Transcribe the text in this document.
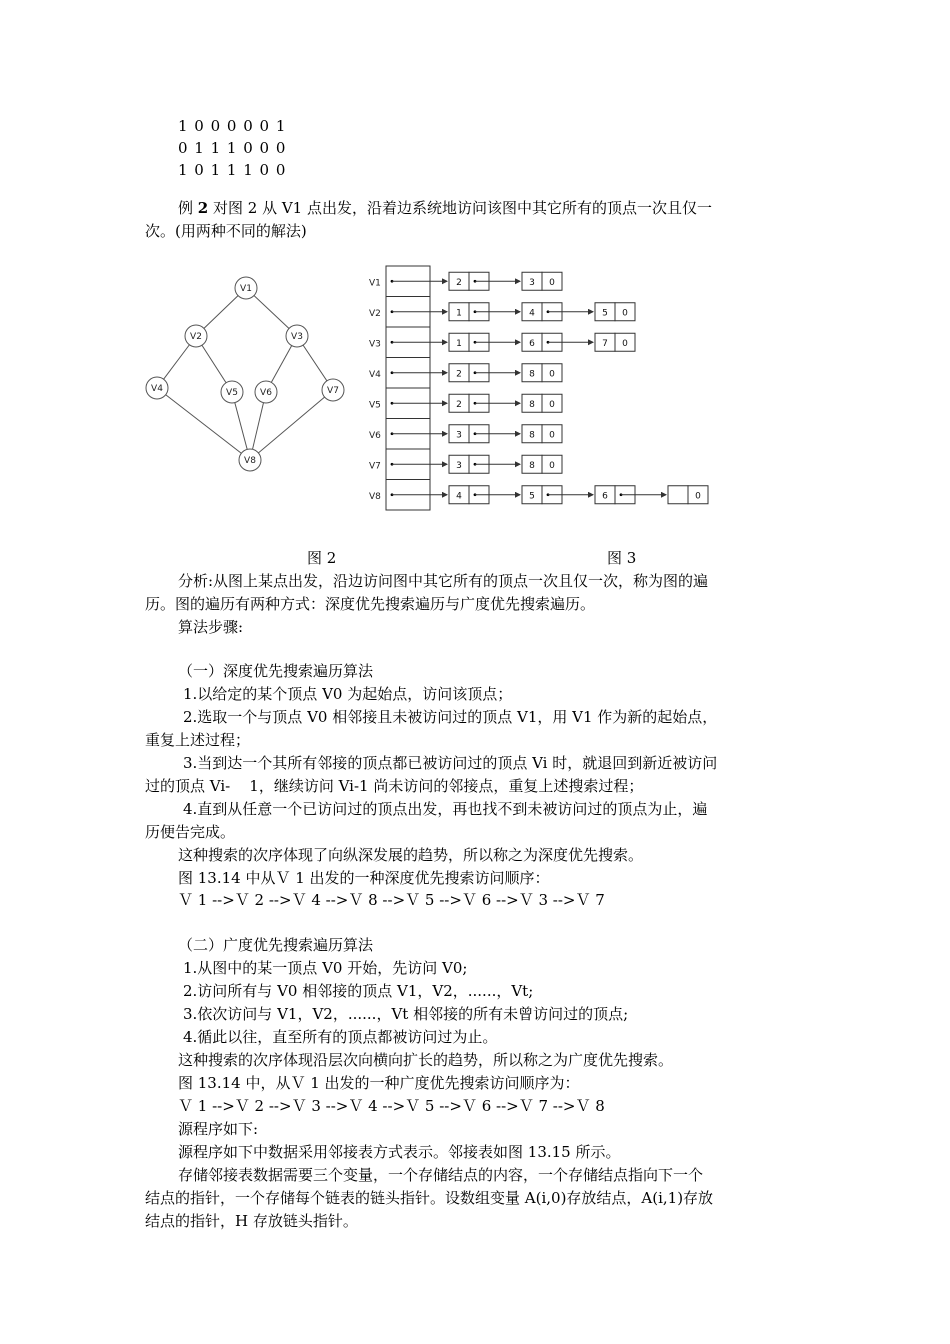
1 0 0 0 0 0 1
0 1 1 1 0 0 0
1 0 1 1 1 0 0
例 2 对图 2 从 V1 点出发，沿着边系统地访问该图中其它所有的顶点一次且仅一
次。(用两种不同的解法)
V1
V2	V3
V4	V5 V6	V7
V8
V1	2	3 0
V2	1	4	5 0
V3	1	6	7 0
V4	2	8 0
V5	2	8 0
V6	3	8 0
V7	3	8 0
V8	4	5	6	0
图 2	图 3
分析:从图上某点出发，沿边访问图中其它所有的顶点一次且仅一次，称为图的遍
历。图的遍历有两种方式：深度优先搜索遍历与广度优先搜索遍历。
算法步骤:
（一）深度优先搜索遍历算法
1.以给定的某个顶点 V0 为起始点，访问该顶点；
2.选取一个与顶点 V0 相邻接且未被访问过的顶点 V1，用 V1 作为新的起始点，
重复上述过程；
3.当到达一个其所有邻接的顶点都已被访问过的顶点 Vi 时，就退回到新近被访问
过的顶点 Vi-    1，继续访问 Vi-1 尚未访问的邻接点，重复上述搜索过程；
4.直到从任意一个已访问过的顶点出发，再也找不到未被访问过的顶点为止，遍
历便告完成。
这种搜索的次序体现了向纵深发展的趋势，所以称之为深度优先搜索。
图 13.14 中从Ｖ 1 出发的一种深度优先搜索访问顺序：
Ｖ 1 -->Ｖ 2 -->Ｖ 4 -->Ｖ 8 -->Ｖ 5 -->Ｖ 6 -->Ｖ 3 -->Ｖ 7
（二）广度优先搜索遍历算法
1.从图中的某一顶点 V0 开始，先访问 V0;
2.访问所有与 V0 相邻接的顶点 V1，V2，......，Vt;
3.依次访问与 V1，V2，......，Vt 相邻接的所有未曾访问过的顶点;
4.循此以往，直至所有的顶点都被访问过为止。
这种搜索的次序体现沿层次向横向扩长的趋势，所以称之为广度优先搜索。
图 13.14 中，从Ｖ 1 出发的一种广度优先搜索访问顺序为：
Ｖ 1 -->Ｖ 2 -->Ｖ 3 -->Ｖ 4 -->Ｖ 5 -->Ｖ 6 -->Ｖ 7 -->Ｖ 8
源程序如下:
源程序如下中数据采用邻接表方式表示。邻接表如图 13.15 所示。
存储邻接表数据需要三个变量，一个存储结点的内容，一个存储结点指向下一个
结点的指针，一个存储每个链表的链头指针。设数组变量 A(i,0)存放结点，A(i,1)存放
结点的指针，H 存放链头指针。
